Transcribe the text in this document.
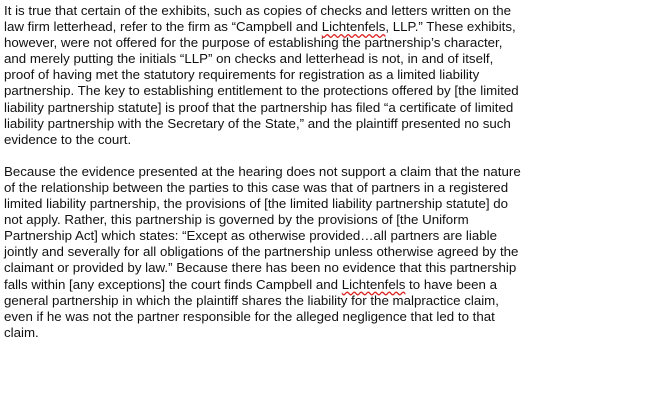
It is true that certain of the exhibits, such as copies of checks and letters written on the
law firm letterhead, refer to the firm as “Campbell and Lichtenfels, LLP.” These exhibits,
however, were not offered for the purpose of establishing the partnership’s character,
and merely putting the initials “LLP” on checks and letterhead is not, in and of itself,
proof of having met the statutory requirements for registration as a limited liability
partnership. The key to establishing entitlement to the protections offered by [the limited
liability partnership statute] is proof that the partnership has filed “a certificate of limited
liability partnership with the Secretary of the State,” and the plaintiff presented no such
evidence to the court.

Because the evidence presented at the hearing does not support a claim that the nature
of the relationship between the parties to this case was that of partners in a registered
limited liability partnership, the provisions of [the limited liability partnership statute] do
not apply. Rather, this partnership is governed by the provisions of [the Uniform
Partnership Act] which states: “Except as otherwise provided…all partners are liable
jointly and severally for all obligations of the partnership unless otherwise agreed by the
claimant or provided by law.” Because there has been no evidence that this partnership
falls within [any exceptions] the court finds Campbell and Lichtenfels to have been a
general partnership in which the plaintiff shares the liability for the malpractice claim,
even if he was not the partner responsible for the alleged negligence that led to that
claim.
